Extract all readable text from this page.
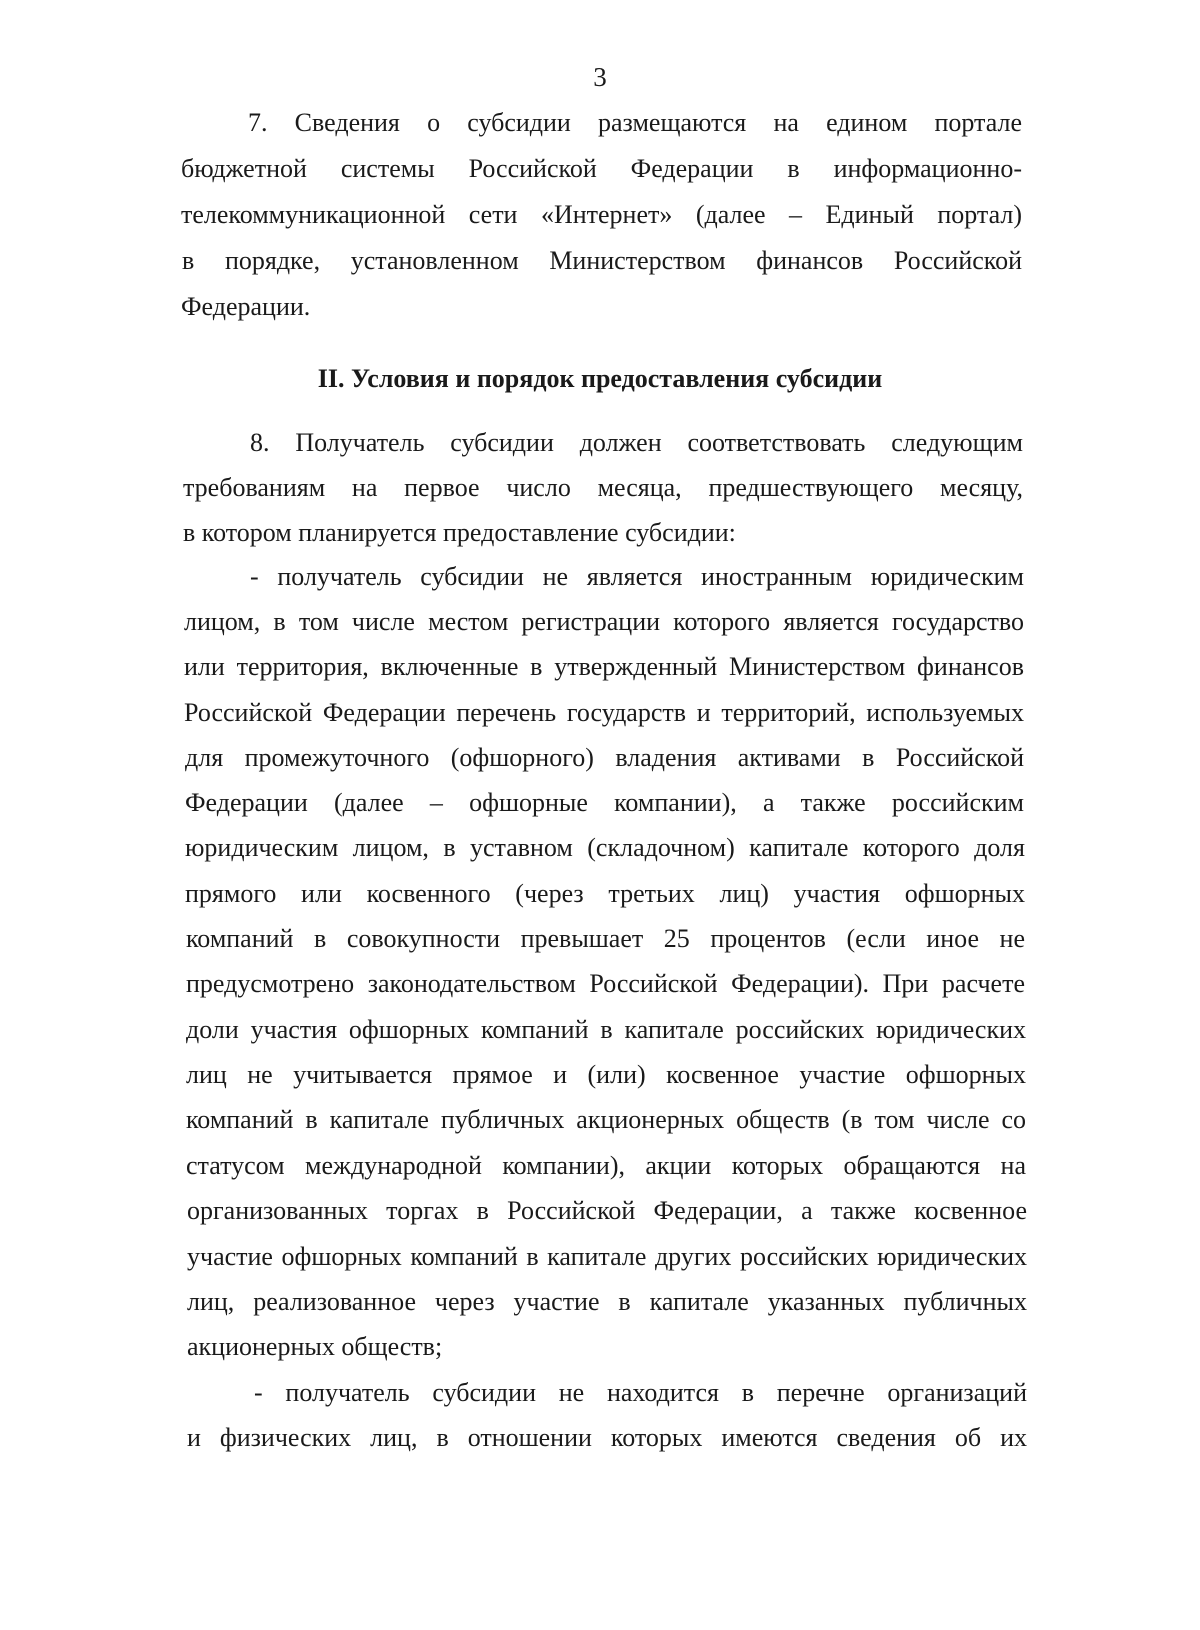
3
7. Сведения о субсидии размещаются на едином портале
бюджетной системы Российской Федерации в информационно-
телекоммуникационной сети «Интернет» (далее – Единый портал)
в порядке, установленном Министерством финансов Российской
Федерации.
II. Условия и порядок предоставления субсидии
8. Получатель субсидии должен соответствовать следующим
требованиям на первое число месяца, предшествующего месяцу,
в котором планируется предоставление субсидии:
- получатель субсидии не является иностранным юридическим
лицом, в том числе местом регистрации которого является государство
или территория, включенные в утвержденный Министерством финансов
Российской Федерации перечень государств и территорий, используемых
для промежуточного (офшорного) владения активами в Российской
Федерации (далее – офшорные компании), а также российским
юридическим лицом, в уставном (складочном) капитале которого доля
прямого или косвенного (через третьих лиц) участия офшорных
компаний в совокупности превышает 25 процентов (если иное не
предусмотрено законодательством Российской Федерации). При расчете
доли участия офшорных компаний в капитале российских юридических
лиц не учитывается прямое и (или) косвенное участие офшорных
компаний в капитале публичных акционерных обществ (в том числе со
статусом международной компании), акции которых обращаются на
организованных торгах в Российской Федерации, а также косвенное
участие офшорных компаний в капитале других российских юридических
лиц, реализованное через участие в капитале указанных публичных
акционерных обществ;
- получатель субсидии не находится в перечне организаций
и физических лиц, в отношении которых имеются сведения об их
